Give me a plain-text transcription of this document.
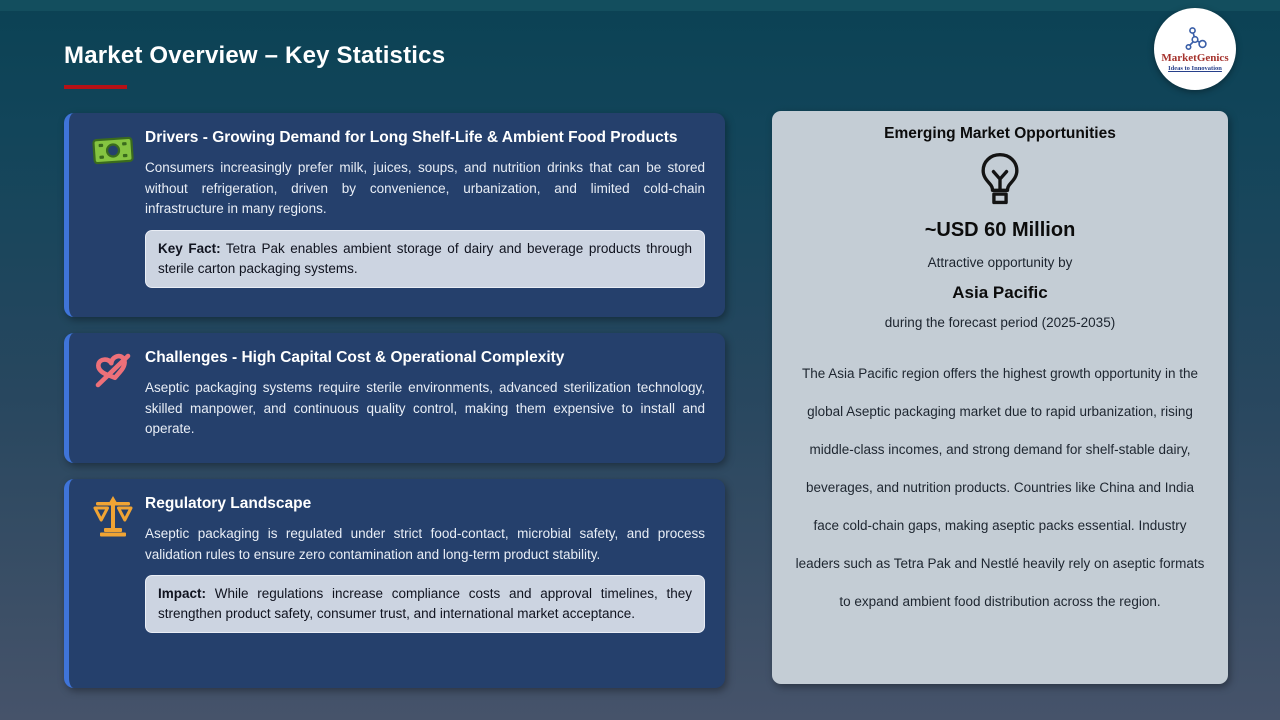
Market Overview – Key Statistics	MarketGenics
Ideas to Innovation
Drivers - Growing Demand for Long Shelf-Life & Ambient Food Products
Consumers increasingly prefer milk, juices, soups, and nutrition drinks that can be stored without refrigeration, driven by convenience, urbanization, and limited cold-chain infrastructure in many regions.
Key Fact: Tetra Pak enables ambient storage of dairy and beverage products through sterile carton packaging systems.
Challenges - High Capital Cost & Operational Complexity
Aseptic packaging systems require sterile environments, advanced sterilization technology, skilled manpower, and continuous quality control, making them expensive to install and operate.
Regulatory Landscape
Aseptic packaging is regulated under strict food-contact, microbial safety, and process validation rules to ensure zero contamination and long-term product stability.
Impact: While regulations increase compliance costs and approval timelines, they strengthen product safety, consumer trust, and international market acceptance.
Emerging Market Opportunities
~USD 60 Million
Attractive opportunity by
Asia Pacific
during the forecast period (2025-2035)
The Asia Pacific region offers the highest growth opportunity in the global Aseptic packaging market due to rapid urbanization, rising middle-class incomes, and strong demand for shelf-stable dairy, beverages, and nutrition products. Countries like China and India face cold-chain gaps, making aseptic packs essential. Industry leaders such as Tetra Pak and Nestlé heavily rely on aseptic formats to expand ambient food distribution across the region.
